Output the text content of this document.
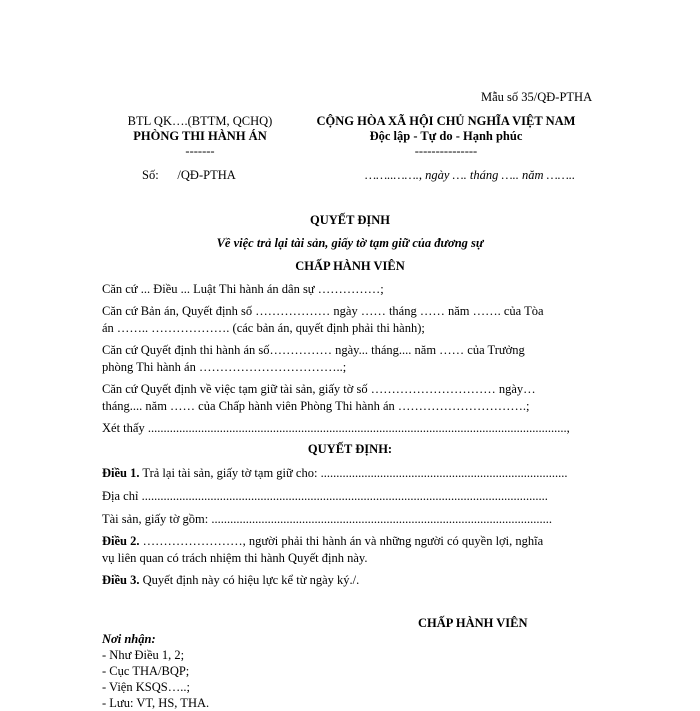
Mẫu số 35/QĐ-PTHA
BTL QK….(BTTM, QCHQ)
PHÒNG THI HÀNH ÁN
-------
Số:      /QĐ-PTHA
CỘNG HÒA XÃ HỘI CHỦ NGHĨA VIỆT NAM
Độc lập - Tự do - Hạnh phúc
---------------
……..……., ngày …. tháng ….. năm ……..
QUYẾT ĐỊNH
Về việc trả lại tài sản, giấy tờ tạm giữ của đương sự
CHẤP HÀNH VIÊN
Căn cứ ... Điều ... Luật Thi hành án dân sự ……………;
Căn cứ Bản án, Quyết định số ……………… ngày …… tháng …… năm ……. của Tòa
án …….. ………………. (các bản án, quyết định phải thi hành);
Căn cứ Quyết định thi hành án số…………… ngày... tháng.... năm …… của Trưởng
phòng Thi hành án ……………………………..;
Căn cứ Quyết định về việc tạm giữ tài sản, giấy tờ số ………………………… ngày…
tháng.... năm …… của Chấp hành viên Phòng Thi hành án ………………………….;
Xét thấy ......................................................................................................................................,
QUYẾT ĐỊNH:
Điều 1. Trả lại tài sản, giấy tờ tạm giữ cho: ...............................................................................
Địa chỉ ..................................................................................................................................
Tài sản, giấy tờ gồm: .............................................................................................................
Điều 2. ……………………, người phải thi hành án và những người có quyền lợi, nghĩa
vụ liên quan có trách nhiệm thi hành Quyết định này.
Điều 3. Quyết định này có hiệu lực kể từ ngày ký./.
CHẤP HÀNH VIÊN
Nơi nhận:
- Như Điều 1, 2;
- Cục THA/BQP;
- Viện KSQS…..;
- Lưu: VT, HS, THA.
